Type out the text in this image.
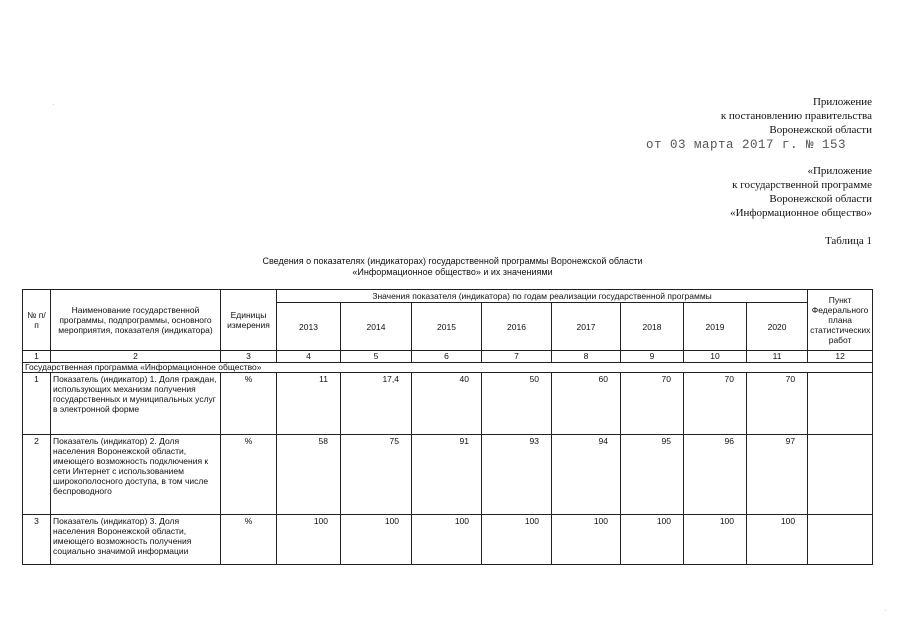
Приложение
к постановлению правительства
Воронежской области
от 03 марта 2017 г. № 153
«Приложение
к государственной программе
Воронежской области
«Информационное общество»
Таблица 1
Сведения о показателях (индикаторах) государственной программы Воронежской области
«Информационное общество» и их значениями
№ п/п	Наименование государственной программы, подпрограммы, основного мероприятия, показателя (индикатора)	Единицы измерения	Значения показателя (индикатора) по годам реализации государственной программы								Пункт Федерального плана статистических работ
			2013	2014	2015	2016	2017	2018	2019	2020	
1	2	3	4	5	6	7	8	9	10	11	12
Государственная программа «Информационное общество»											
1	Показатель (индикатор) 1. Доля граждан, использующих механизм получения государственных и муниципальных услуг в электронной форме	%	11	17,4	40	50	60	70	70	70	
2	Показатель (индикатор) 2. Доля населения Воронежской области, имеющего возможность подключения к сети Интернет с использованием широкополосного доступа, в том числе беспроводного	%	58	75	91	93	94	95	96	97	
3	Показатель (индикатор) 3. Доля населения Воронежской области, имеющего возможность получения социально значимой информации	%	100	100	100	100	100	100	100	100	
·
·
